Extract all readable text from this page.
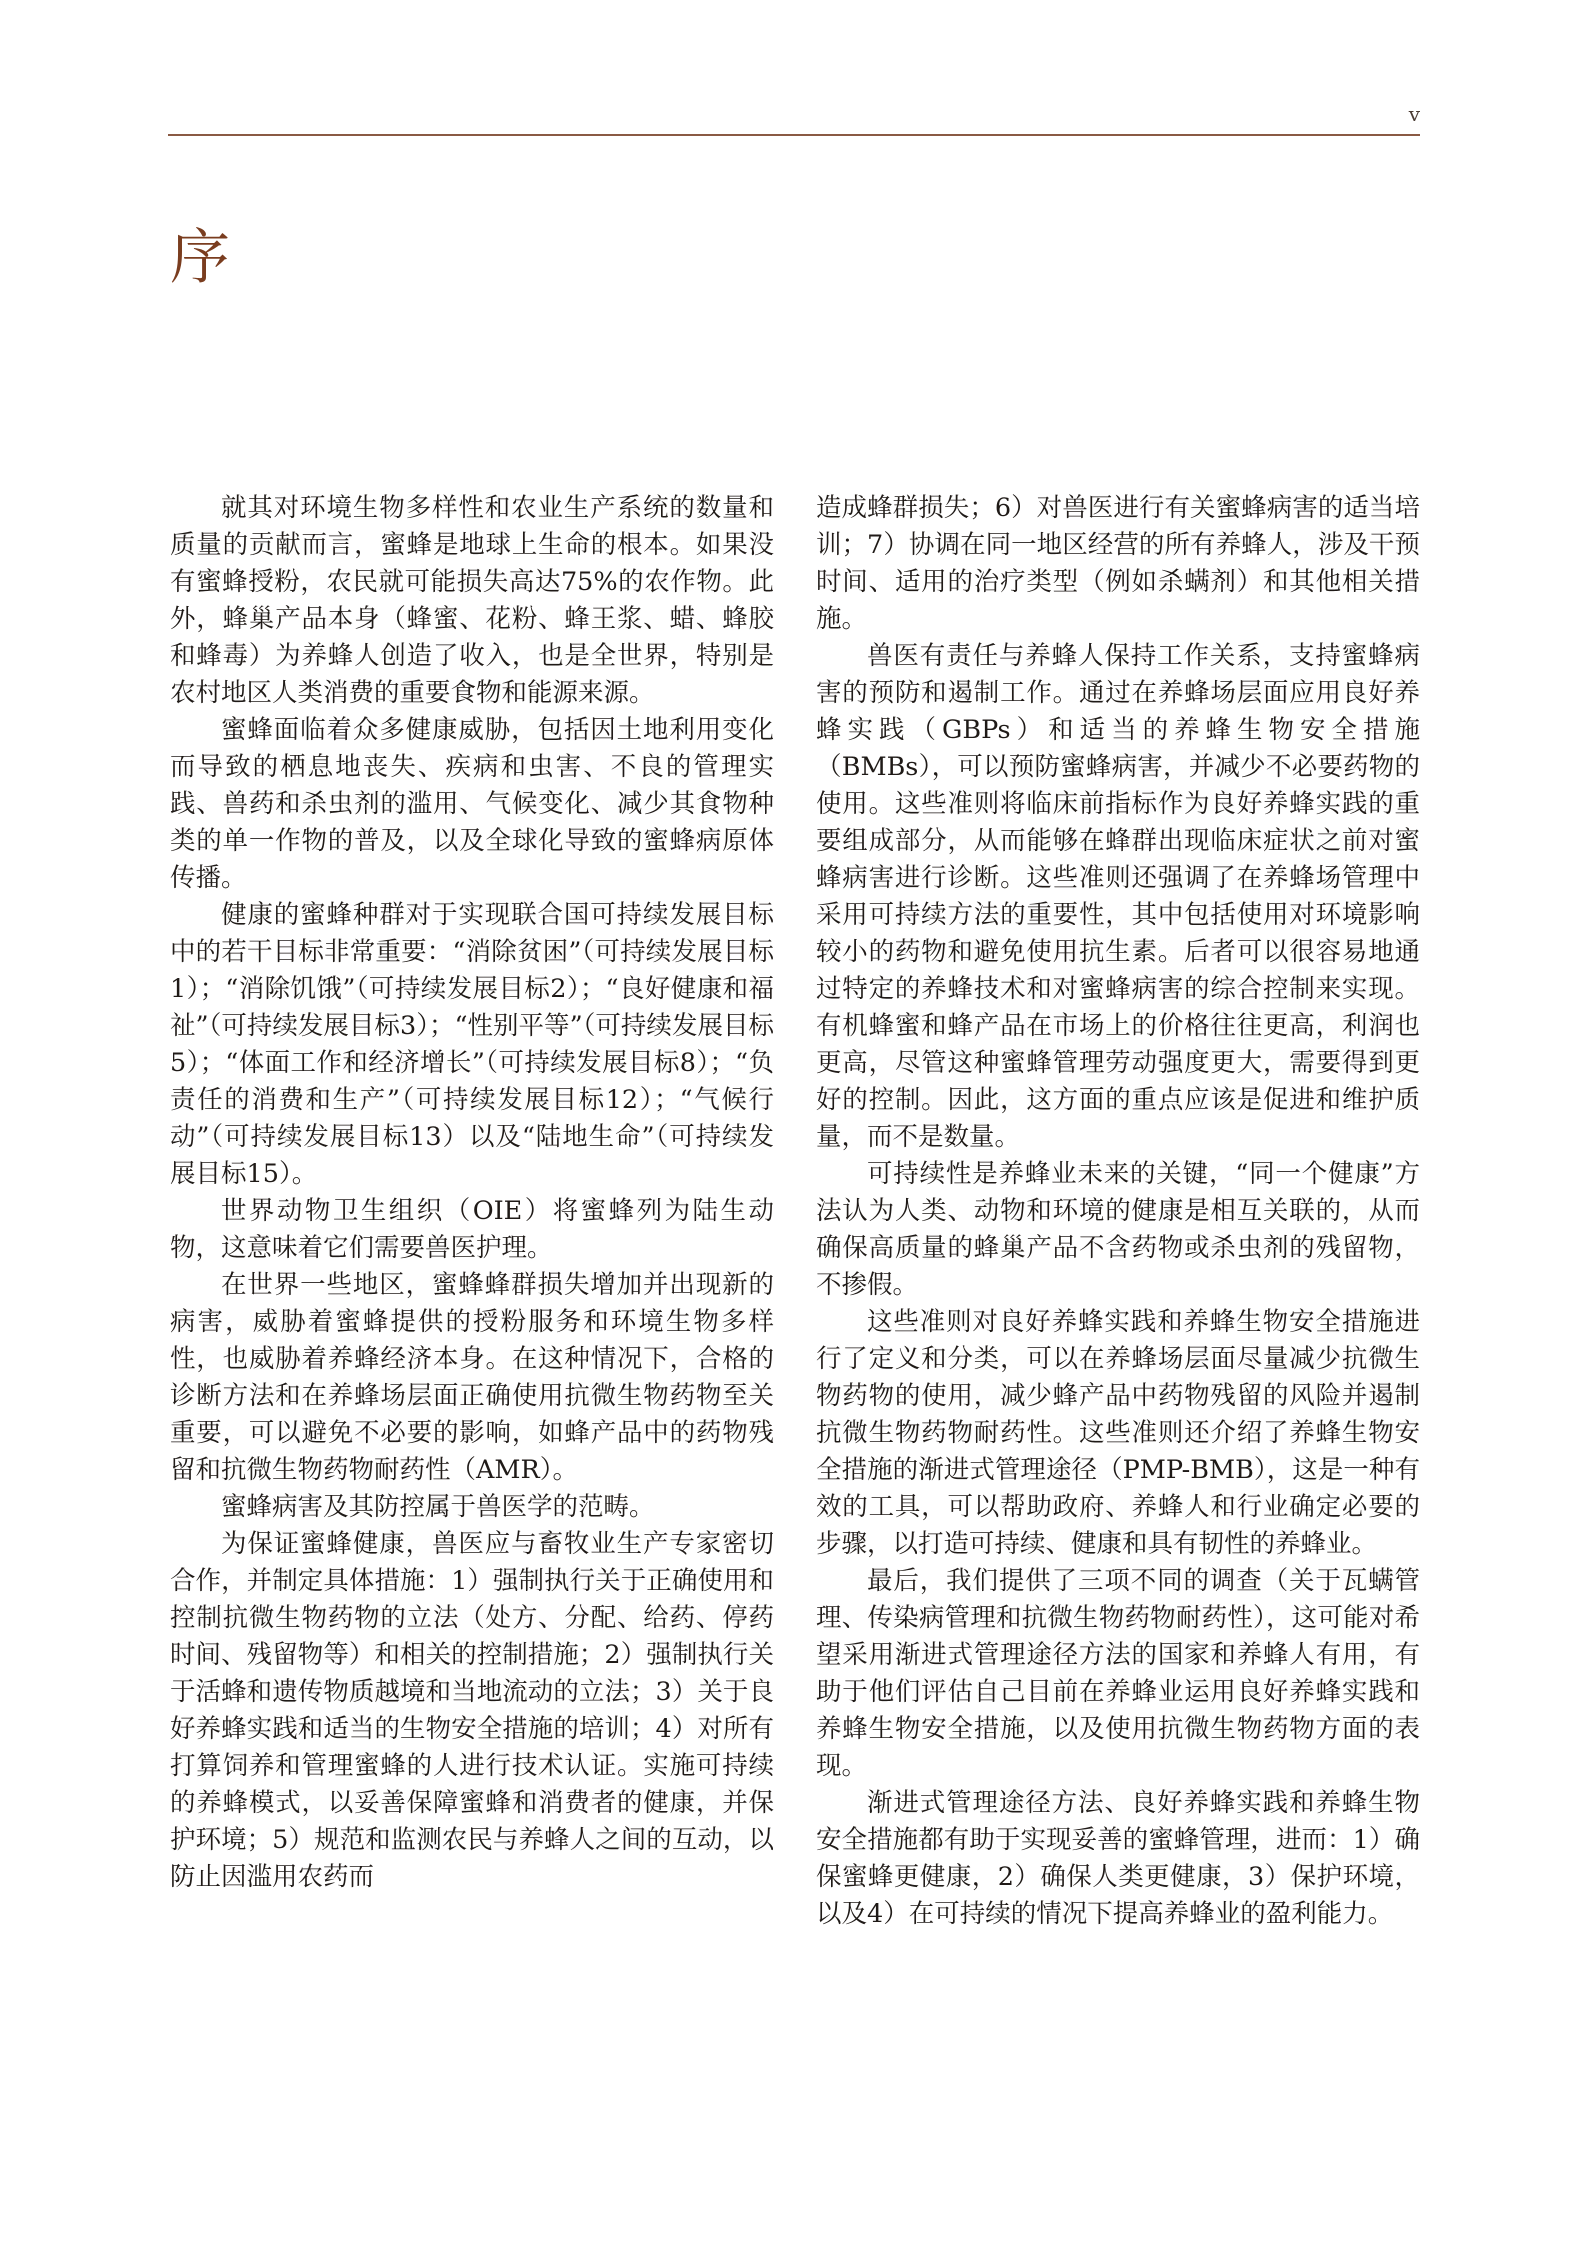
v
序

就其对环境生物多样性和农业生产系统的数量和质量的贡献而言，蜜蜂是地球上生命的根本。如果没有蜜蜂授粉，农民就可能损失高达75%的农作物。此外，蜂巢产品本身（蜂蜜、花粉、蜂王浆、蜡、蜂胶和蜂毒）为养蜂人创造了收入，也是全世界，特别是农村地区人类消费的重要食物和能源来源。

蜜蜂面临着众多健康威胁，包括因土地利用变化而导致的栖息地丧失、疾病和虫害、不良的管理实践、兽药和杀虫剂的滥用、气候变化、减少其食物种类的单一作物的普及，以及全球化导致的蜜蜂病原体传播。

健康的蜜蜂种群对于实现联合国可持续发展目标中的若干目标非常重要：“消除贫困”（可持续发展目标1）；“消除饥饿”（可持续发展目标2）；“良好健康和福祉”（可持续发展目标3）；“性别平等”（可持续发展目标5）；“体面工作和经济增长”（可持续发展目标8）；“负责任的消费和生产”（可持续发展目标12）；“气候行动”（可持续发展目标13）以及“陆地生命”（可持续发展目标15）。

世界动物卫生组织（OIE）将蜜蜂列为陆生动物，这意味着它们需要兽医护理。

在世界一些地区，蜜蜂蜂群损失增加并出现新的病害，威胁着蜜蜂提供的授粉服务和环境生物多样性，也威胁着养蜂经济本身。在这种情况下，合格的诊断方法和在养蜂场层面正确使用抗微生物药物至关重要，可以避免不必要的影响，如蜂产品中的药物残留和抗微生物药物耐药性（AMR）。

蜜蜂病害及其防控属于兽医学的范畴。

为保证蜜蜂健康，兽医应与畜牧业生产专家密切合作，并制定具体措施：1）强制执行关于正确使用和控制抗微生物药物的立法（处方、分配、给药、停药时间、残留物等）和相关的控制措施；2）强制执行关于活蜂和遗传物质越境和当地流动的立法；3）关于良好养蜂实践和适当的生物安全措施的培训；4）对所有打算饲养和管理蜜蜂的人进行技术认证。实施可持续的养蜂模式，以妥善保障蜜蜂和消费者的健康，并保护环境；5）规范和监测农民与养蜂人之间的互动，以防止因滥用农药而

造成蜂群损失；6）对兽医进行有关蜜蜂病害的适当培训；7）协调在同一地区经营的所有养蜂人，涉及干预时间、适用的治疗类型（例如杀螨剂）和其他相关措施。

兽医有责任与养蜂人保持工作关系，支持蜜蜂病害的预防和遏制工作。通过在养蜂场层面应用良好养蜂实践（GBPs）和适当的养蜂生物安全措施（BMBs），可以预防蜜蜂病害，并减少不必要药物的使用。这些准则将临床前指标作为良好养蜂实践的重要组成部分，从而能够在蜂群出现临床症状之前对蜜蜂病害进行诊断。这些准则还强调了在养蜂场管理中采用可持续方法的重要性，其中包括使用对环境影响较小的药物和避免使用抗生素。后者可以很容易地通过特定的养蜂技术和对蜜蜂病害的综合控制来实现。有机蜂蜜和蜂产品在市场上的价格往往更高，利润也更高，尽管这种蜜蜂管理劳动强度更大，需要得到更好的控制。因此，这方面的重点应该是促进和维护质量，而不是数量。

可持续性是养蜂业未来的关键，“同一个健康”方法认为人类、动物和环境的健康是相互关联的，从而确保高质量的蜂巢产品不含药物或杀虫剂的残留物，不掺假。

这些准则对良好养蜂实践和养蜂生物安全措施进行了定义和分类，可以在养蜂场层面尽量减少抗微生物药物的使用，减少蜂产品中药物残留的风险并遏制抗微生物药物耐药性。这些准则还介绍了养蜂生物安全措施的渐进式管理途径（PMP-BMB），这是一种有效的工具，可以帮助政府、养蜂人和行业确定必要的步骤，以打造可持续、健康和具有韧性的养蜂业。

最后，我们提供了三项不同的调查（关于瓦螨管理、传染病管理和抗微生物药物耐药性），这可能对希望采用渐进式管理途径方法的国家和养蜂人有用，有助于他们评估自己目前在养蜂业运用良好养蜂实践和养蜂生物安全措施，以及使用抗微生物药物方面的表现。

渐进式管理途径方法、良好养蜂实践和养蜂生物安全措施都有助于实现妥善的蜜蜂管理，进而：1）确保蜜蜂更健康，2）确保人类更健康，3）保护环境，以及4）在可持续的情况下提高养蜂业的盈利能力。
